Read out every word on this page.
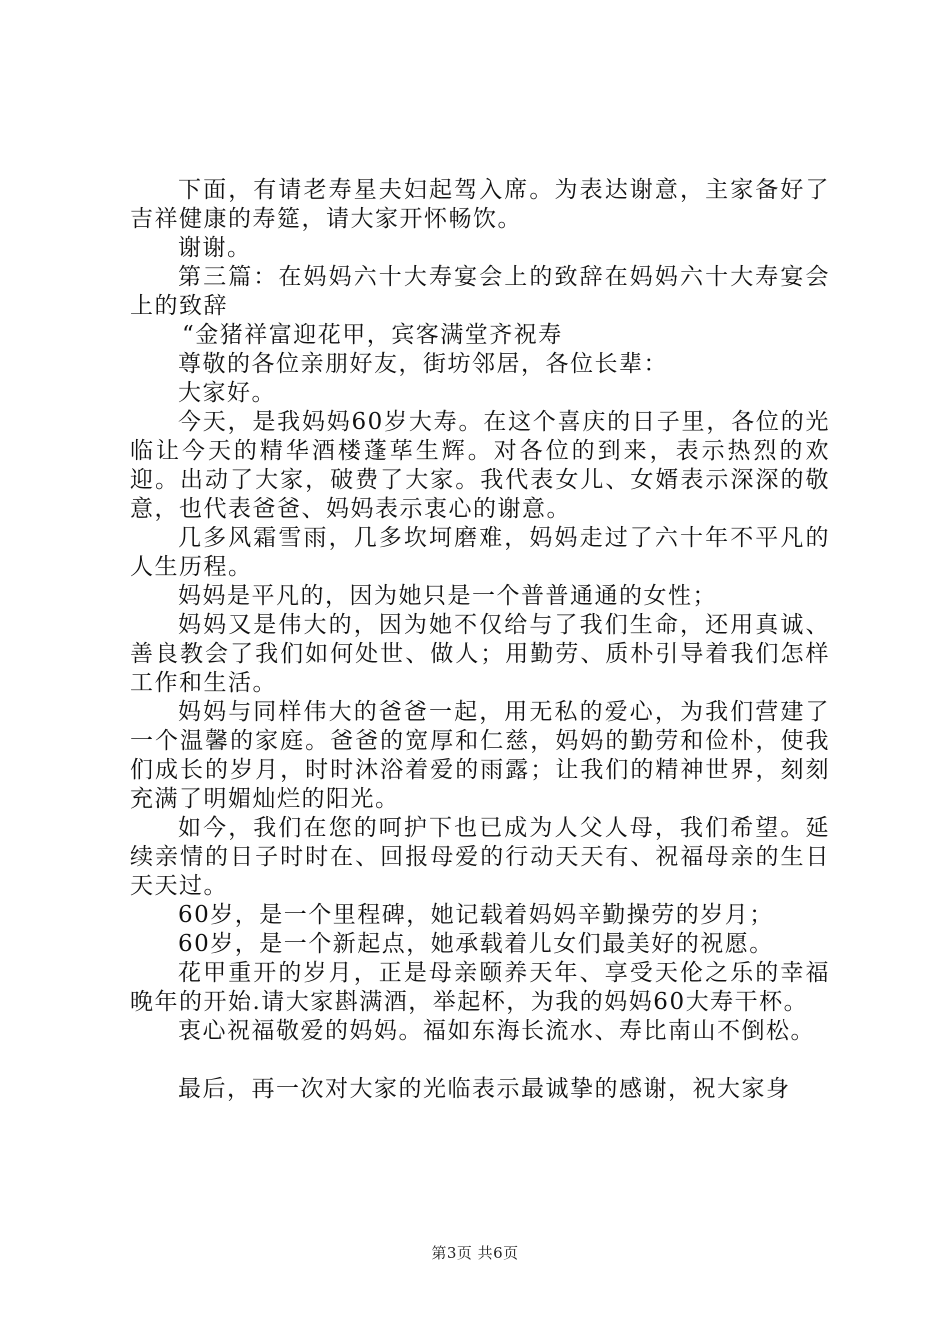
下面，有请老寿星夫妇起驾入席。为表达谢意，主家备好了吉祥健康的寿筵，请大家开怀畅饮。

谢谢。

第三篇：在妈妈六十大寿宴会上的致辞在妈妈六十大寿宴会上的致辞

“金猪祥富迎花甲，宾客满堂齐祝寿

尊敬的各位亲朋好友，街坊邻居，各位长辈：

大家好。

今天，是我妈妈60岁大寿。在这个喜庆的日子里，各位的光临让今天的精华酒楼蓬荜生辉。对各位的到来，表示热烈的欢迎。出动了大家，破费了大家。我代表女儿、女婿表示深深的敬意，也代表爸爸、妈妈表示衷心的谢意。

几多风霜雪雨，几多坎坷磨难，妈妈走过了六十年不平凡的人生历程。

妈妈是平凡的，因为她只是一个普普通通的女性；

妈妈又是伟大的，因为她不仅给与了我们生命，还用真诚、善良教会了我们如何处世、做人；用勤劳、质朴引导着我们怎样工作和生活。

妈妈与同样伟大的爸爸一起，用无私的爱心，为我们营建了一个温馨的家庭。爸爸的宽厚和仁慈，妈妈的勤劳和俭朴，使我们成长的岁月，时时沐浴着爱的雨露；让我们的精神世界，刻刻充满了明媚灿烂的阳光。

如今，我们在您的呵护下也已成为人父人母，我们希望。延续亲情的日子时时在、回报母爱的行动天天有、祝福母亲的生日天天过。

60岁，是一个里程碑，她记载着妈妈辛勤操劳的岁月；

60岁，是一个新起点，她承载着儿女们最美好的祝愿。

花甲重开的岁月，正是母亲颐养天年、享受天伦之乐的幸福晚年的开始.请大家斟满酒，举起杯，为我的妈妈60大寿干杯。

衷心祝福敬爱的妈妈。福如东海长流水、寿比南山不倒松。

最后，再一次对大家的光临表示最诚挚的感谢，祝大家身

第3页 共6页
